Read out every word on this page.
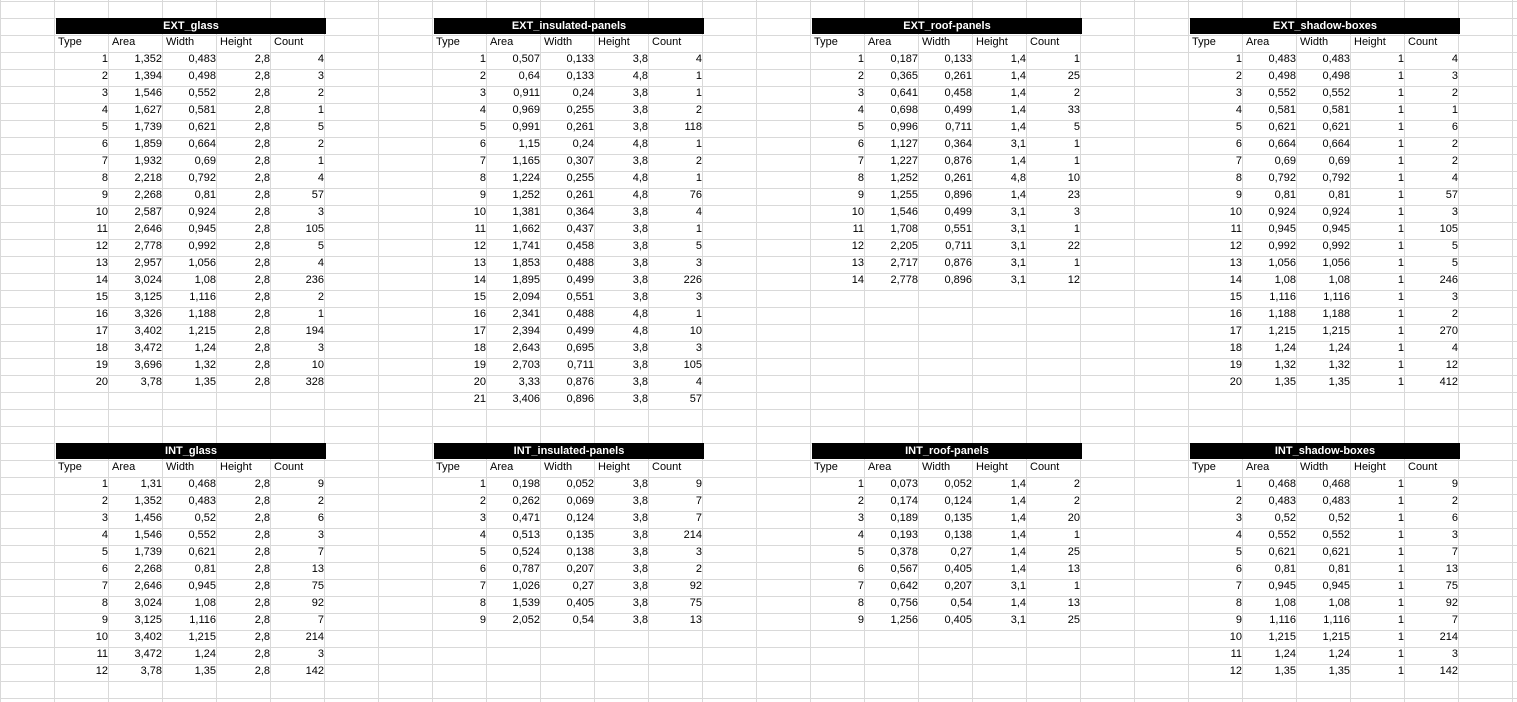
EXT_glass
Type	Area	Width	Height	Count
1	1,352	0,483	2,8	4
2	1,394	0,498	2,8	3
3	1,546	0,552	2,8	2
4	1,627	0,581	2,8	1
5	1,739	0,621	2,8	5
6	1,859	0,664	2,8	2
7	1,932	0,69	2,8	1
8	2,218	0,792	2,8	4
9	2,268	0,81	2,8	57
10	2,587	0,924	2,8	3
11	2,646	0,945	2,8	105
12	2,778	0,992	2,8	5
13	2,957	1,056	2,8	4
14	3,024	1,08	2,8	236
15	3,125	1,116	2,8	2
16	3,326	1,188	2,8	1
17	3,402	1,215	2,8	194
18	3,472	1,24	2,8	3
19	3,696	1,32	2,8	10
20	3,78	1,35	2,8	328
EXT_insulated-panels
Type	Area	Width	Height	Count
1	0,507	0,133	3,8	4
2	0,64	0,133	4,8	1
3	0,911	0,24	3,8	1
4	0,969	0,255	3,8	2
5	0,991	0,261	3,8	118
6	1,15	0,24	4,8	1
7	1,165	0,307	3,8	2
8	1,224	0,255	4,8	1
9	1,252	0,261	4,8	76
10	1,381	0,364	3,8	4
11	1,662	0,437	3,8	1
12	1,741	0,458	3,8	5
13	1,853	0,488	3,8	3
14	1,895	0,499	3,8	226
15	2,094	0,551	3,8	3
16	2,341	0,488	4,8	1
17	2,394	0,499	4,8	10
18	2,643	0,695	3,8	3
19	2,703	0,711	3,8	105
20	3,33	0,876	3,8	4
21	3,406	0,896	3,8	57
EXT_roof-panels
Type	Area	Width	Height	Count
1	0,187	0,133	1,4	1
2	0,365	0,261	1,4	25
3	0,641	0,458	1,4	2
4	0,698	0,499	1,4	33
5	0,996	0,711	1,4	5
6	1,127	0,364	3,1	1
7	1,227	0,876	1,4	1
8	1,252	0,261	4,8	10
9	1,255	0,896	1,4	23
10	1,546	0,499	3,1	3
11	1,708	0,551	3,1	1
12	2,205	0,711	3,1	22
13	2,717	0,876	3,1	1
14	2,778	0,896	3,1	12
EXT_shadow-boxes
Type	Area	Width	Height	Count
1	0,483	0,483	1	4
2	0,498	0,498	1	3
3	0,552	0,552	1	2
4	0,581	0,581	1	1
5	0,621	0,621	1	6
6	0,664	0,664	1	2
7	0,69	0,69	1	2
8	0,792	0,792	1	4
9	0,81	0,81	1	57
10	0,924	0,924	1	3
11	0,945	0,945	1	105
12	0,992	0,992	1	5
13	1,056	1,056	1	5
14	1,08	1,08	1	246
15	1,116	1,116	1	3
16	1,188	1,188	1	2
17	1,215	1,215	1	270
18	1,24	1,24	1	4
19	1,32	1,32	1	12
20	1,35	1,35	1	412
INT_glass
Type	Area	Width	Height	Count
1	1,31	0,468	2,8	9
2	1,352	0,483	2,8	2
3	1,456	0,52	2,8	6
4	1,546	0,552	2,8	3
5	1,739	0,621	2,8	7
6	2,268	0,81	2,8	13
7	2,646	0,945	2,8	75
8	3,024	1,08	2,8	92
9	3,125	1,116	2,8	7
10	3,402	1,215	2,8	214
11	3,472	1,24	2,8	3
12	3,78	1,35	2,8	142
INT_insulated-panels
Type	Area	Width	Height	Count
1	0,198	0,052	3,8	9
2	0,262	0,069	3,8	7
3	0,471	0,124	3,8	7
4	0,513	0,135	3,8	214
5	0,524	0,138	3,8	3
6	0,787	0,207	3,8	2
7	1,026	0,27	3,8	92
8	1,539	0,405	3,8	75
9	2,052	0,54	3,8	13
INT_roof-panels
Type	Area	Width	Height	Count
1	0,073	0,052	1,4	2
2	0,174	0,124	1,4	2
3	0,189	0,135	1,4	20
4	0,193	0,138	1,4	1
5	0,378	0,27	1,4	25
6	0,567	0,405	1,4	13
7	0,642	0,207	3,1	1
8	0,756	0,54	1,4	13
9	1,256	0,405	3,1	25
INT_shadow-boxes
Type	Area	Width	Height	Count
1	0,468	0,468	1	9
2	0,483	0,483	1	2
3	0,52	0,52	1	6
4	0,552	0,552	1	3
5	0,621	0,621	1	7
6	0,81	0,81	1	13
7	0,945	0,945	1	75
8	1,08	1,08	1	92
9	1,116	1,116	1	7
10	1,215	1,215	1	214
11	1,24	1,24	1	3
12	1,35	1,35	1	142
